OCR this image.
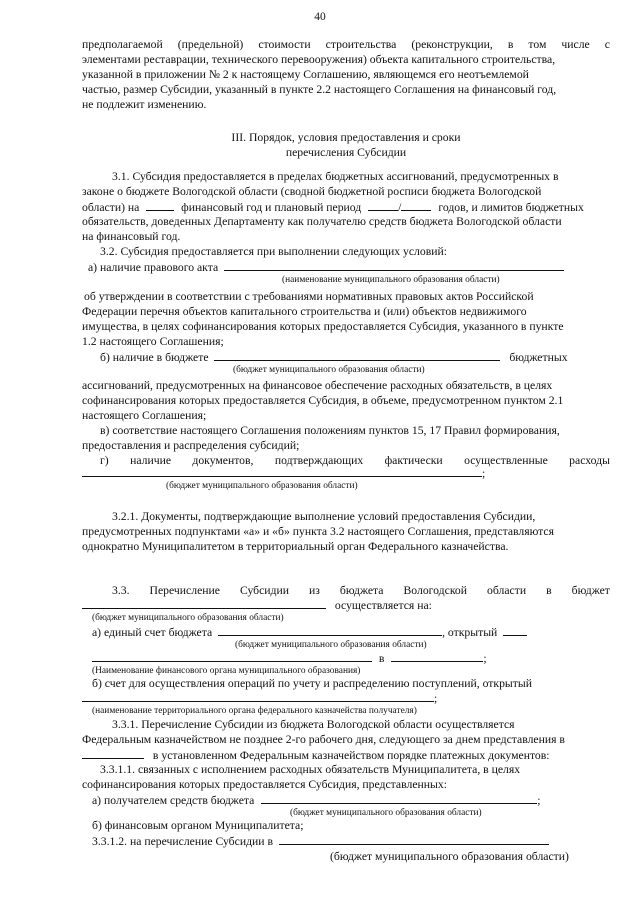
40
предполагаемой (предельной) стоимости строительства (реконструкции, в том числе с
элементами реставрации, технического перевооружения) объекта капитального строительства,
указанной в приложении № 2 к настоящему Соглашению, являющемся его неотъемлемой
частью, размер Субсидии, указанный в пункте 2.2 настоящего Соглашения на финансовый год,
не подлежит изменению.
III. Порядок, условия предоставления и сроки
перечисления Субсидии
3.1. Субсидия предоставляется в пределах бюджетных ассигнований, предусмотренных в
законе о бюджете Вологодской области (сводной бюджетной росписи бюджета Вологодской
области) на	финансовый год и плановый период	/	годов, и лимитов бюджетных
обязательств, доведенных Департаменту как получателю средств бюджета Вологодской области
на финансовый год.
3.2. Субсидия предоставляется при выполнении следующих условий:
а) наличие правового акта
(наименование муниципального образования области)
об утверждении в соответствии с требованиями нормативных правовых актов Российской
Федерации перечня объектов капитального строительства и (или) объектов недвижимого
имущества, в целях софинансирования которых предоставляется Субсидия, указанного в пункте
1.2 настоящего Соглашения;
б) наличие в бюджете	бюджетных
(бюджет муниципального образования области)
ассигнований, предусмотренных на финансовое обеспечение расходных обязательств, в целях
софинансирования которых предоставляется Субсидия, в объеме, предусмотренном пунктом 2.1
настоящего Соглашения;
в) соответствие настоящего Соглашения положениям пунктов 15, 17 Правил формирования,
предоставления и распределения субсидий;
г) наличие документов, подтверждающих фактически осуществленные расходы
;
(бюджет муниципального образования области)
3.2.1. Документы, подтверждающие выполнение условий предоставления Субсидии,
предусмотренных подпунктами «а» и «б» пункта 3.2 настоящего Соглашения, представляются
однократно Муниципалитетом в территориальный орган Федерального казначейства.
3.3. Перечисление Субсидии из бюджета Вологодской области в бюджет
осуществляется на:
(бюджет муниципального образования области)
а) единый счет бюджета	, открытый
(бюджет муниципального образования области)
в	;
(Наименование финансового органа муниципального образования)
б) счет для осуществления операций по учету и распределению поступлений, открытый
;
(наименование территориального органа федерального казначейства получателя)
3.3.1. Перечисление Субсидии из бюджета Вологодской области осуществляется
Федеральным казначейством не позднее 2-го рабочего дня, следующего за днем представления в
в установленном Федеральным казначейством порядке платежных документов:
3.3.1.1. связанных с исполнением расходных обязательств Муниципалитета, в целях
софинансирования которых предоставляется Субсидия, представленных:
а) получателем средств бюджета	;
(бюджет муниципального образования области)
б) финансовым органом Муниципалитета;
3.3.1.2. на перечисление Субсидии в
(бюджет муниципального образования области)
